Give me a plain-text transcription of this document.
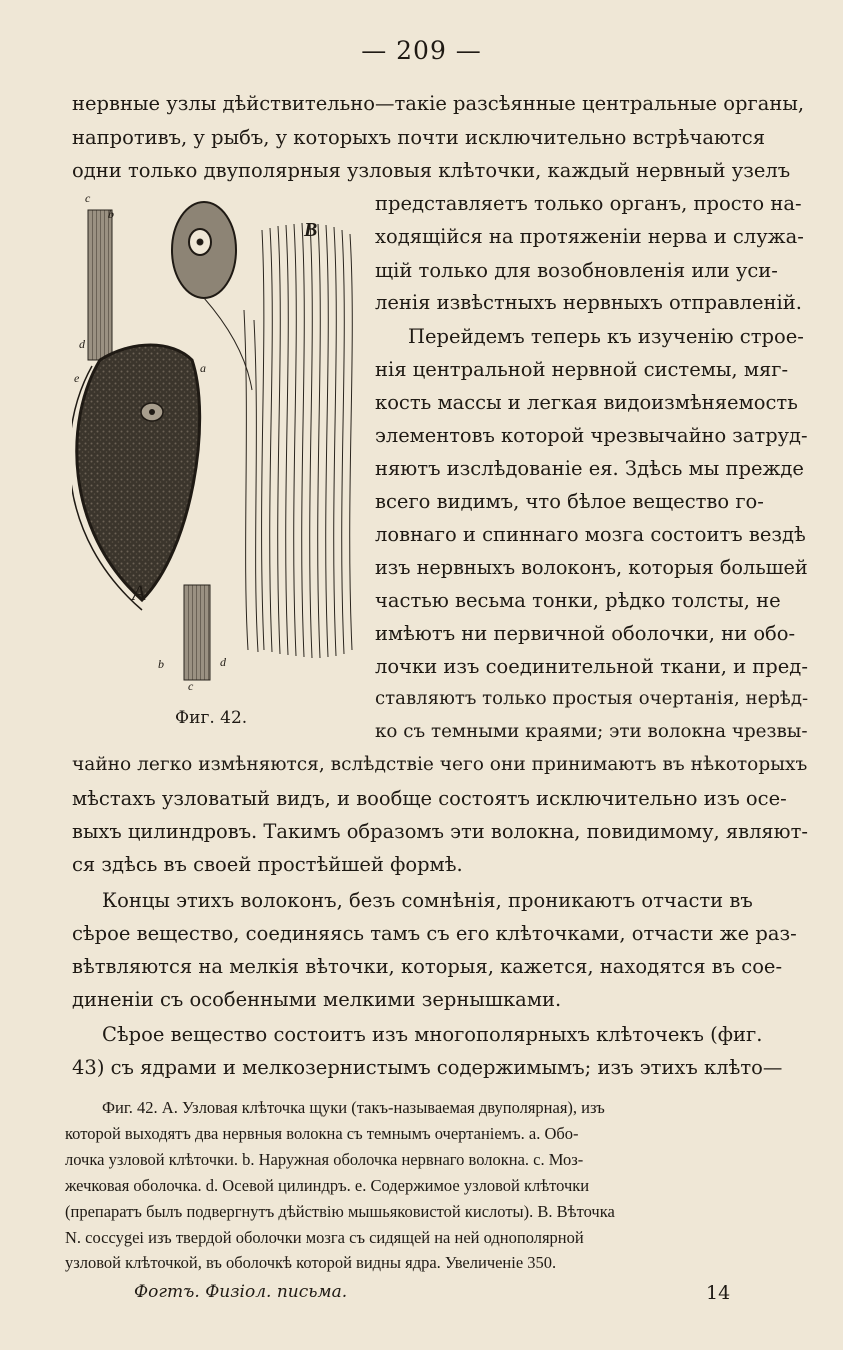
— 209 —
нервные узлы дѣйствительно—такіе разсѣянные центральные органы,
напротивъ, у рыбъ, у которыхъ почти исключительно встрѣчаются
одни только двуполярныя узловыя клѣточки, каждый нервный узелъ
представляетъ только органъ, просто на-
ходящійся на протяженіи нерва и служа-
щій только для возобновленія или уси-
ленія извѣстныхъ нервныхъ отправленій.
Перейдемъ теперь къ изученію строе-
нія центральной нервной системы, мяг-
кость массы и легкая видоизмѣняемость
элементовъ которой чрезвычайно затруд-
няютъ изслѣдованіе ея. Здѣсь мы прежде
всего видимъ, что бѣлое вещество го-
ловнаго и спиннаго мозга состоитъ вездѣ
изъ нервныхъ волоконъ, которыя большей
частью весьма тонки, рѣдко толсты, не
имѣютъ ни первичной оболочки, ни обо-
лочки изъ соединительной ткани, и пред-
ставляютъ только простыя очертанія, нерѣд-
ко съ темными краями; эти волокна чрезвы-
чайно легко измѣняются, вслѣдствіе чего они принимаютъ въ нѣкоторыхъ
мѣстахъ узловатый видъ, и вообще состоятъ исключительно изъ осе-
выхъ цилиндровъ. Такимъ образомъ эти волокна, повидимому, являют-
ся здѣсь въ своей простѣйшей формѣ.
Концы этихъ волоконъ, безъ сомнѣнія, проникаютъ отчасти въ
сѣрое вещество, соединяясь тамъ съ его клѣточками, отчасти же раз-
вѣтвляются на мелкія вѣточки, которыя, кажется, находятся въ сое-
диненіи съ особенными мелкими зернышками.
Сѣрое вещество состоитъ изъ многополярныхъ клѣточекъ (фиг.
43) съ ядрами и мелкозернистымъ содержимымъ; изъ этихъ клѣто—
c
b
d
e
a
A
B
b	d
c
Фиг. 42.
Фиг. 42. А. Узловая клѣточка щуки (такъ-называемая двуполярная), изъ
которой выходятъ два нервныя волокна съ темнымъ очертаніемъ. a. Обо-
лочка узловой клѣточки. b. Наружная оболочка нервнаго волокна. c. Моз-
жечковая оболочка. d. Осевой цилиндръ. e. Содержимое узловой клѣточки
(препаратъ былъ подвергнутъ дѣйствію мышьяковистой кислоты). B. Вѣточка
N. соссуgei изъ твердой оболочки мозга съ сидящей на ней однополярной
узловой клѣточкой, въ оболочкѣ которой видны ядра. Увеличеніе 350.
Фогтъ. Физіол. письма.	14
